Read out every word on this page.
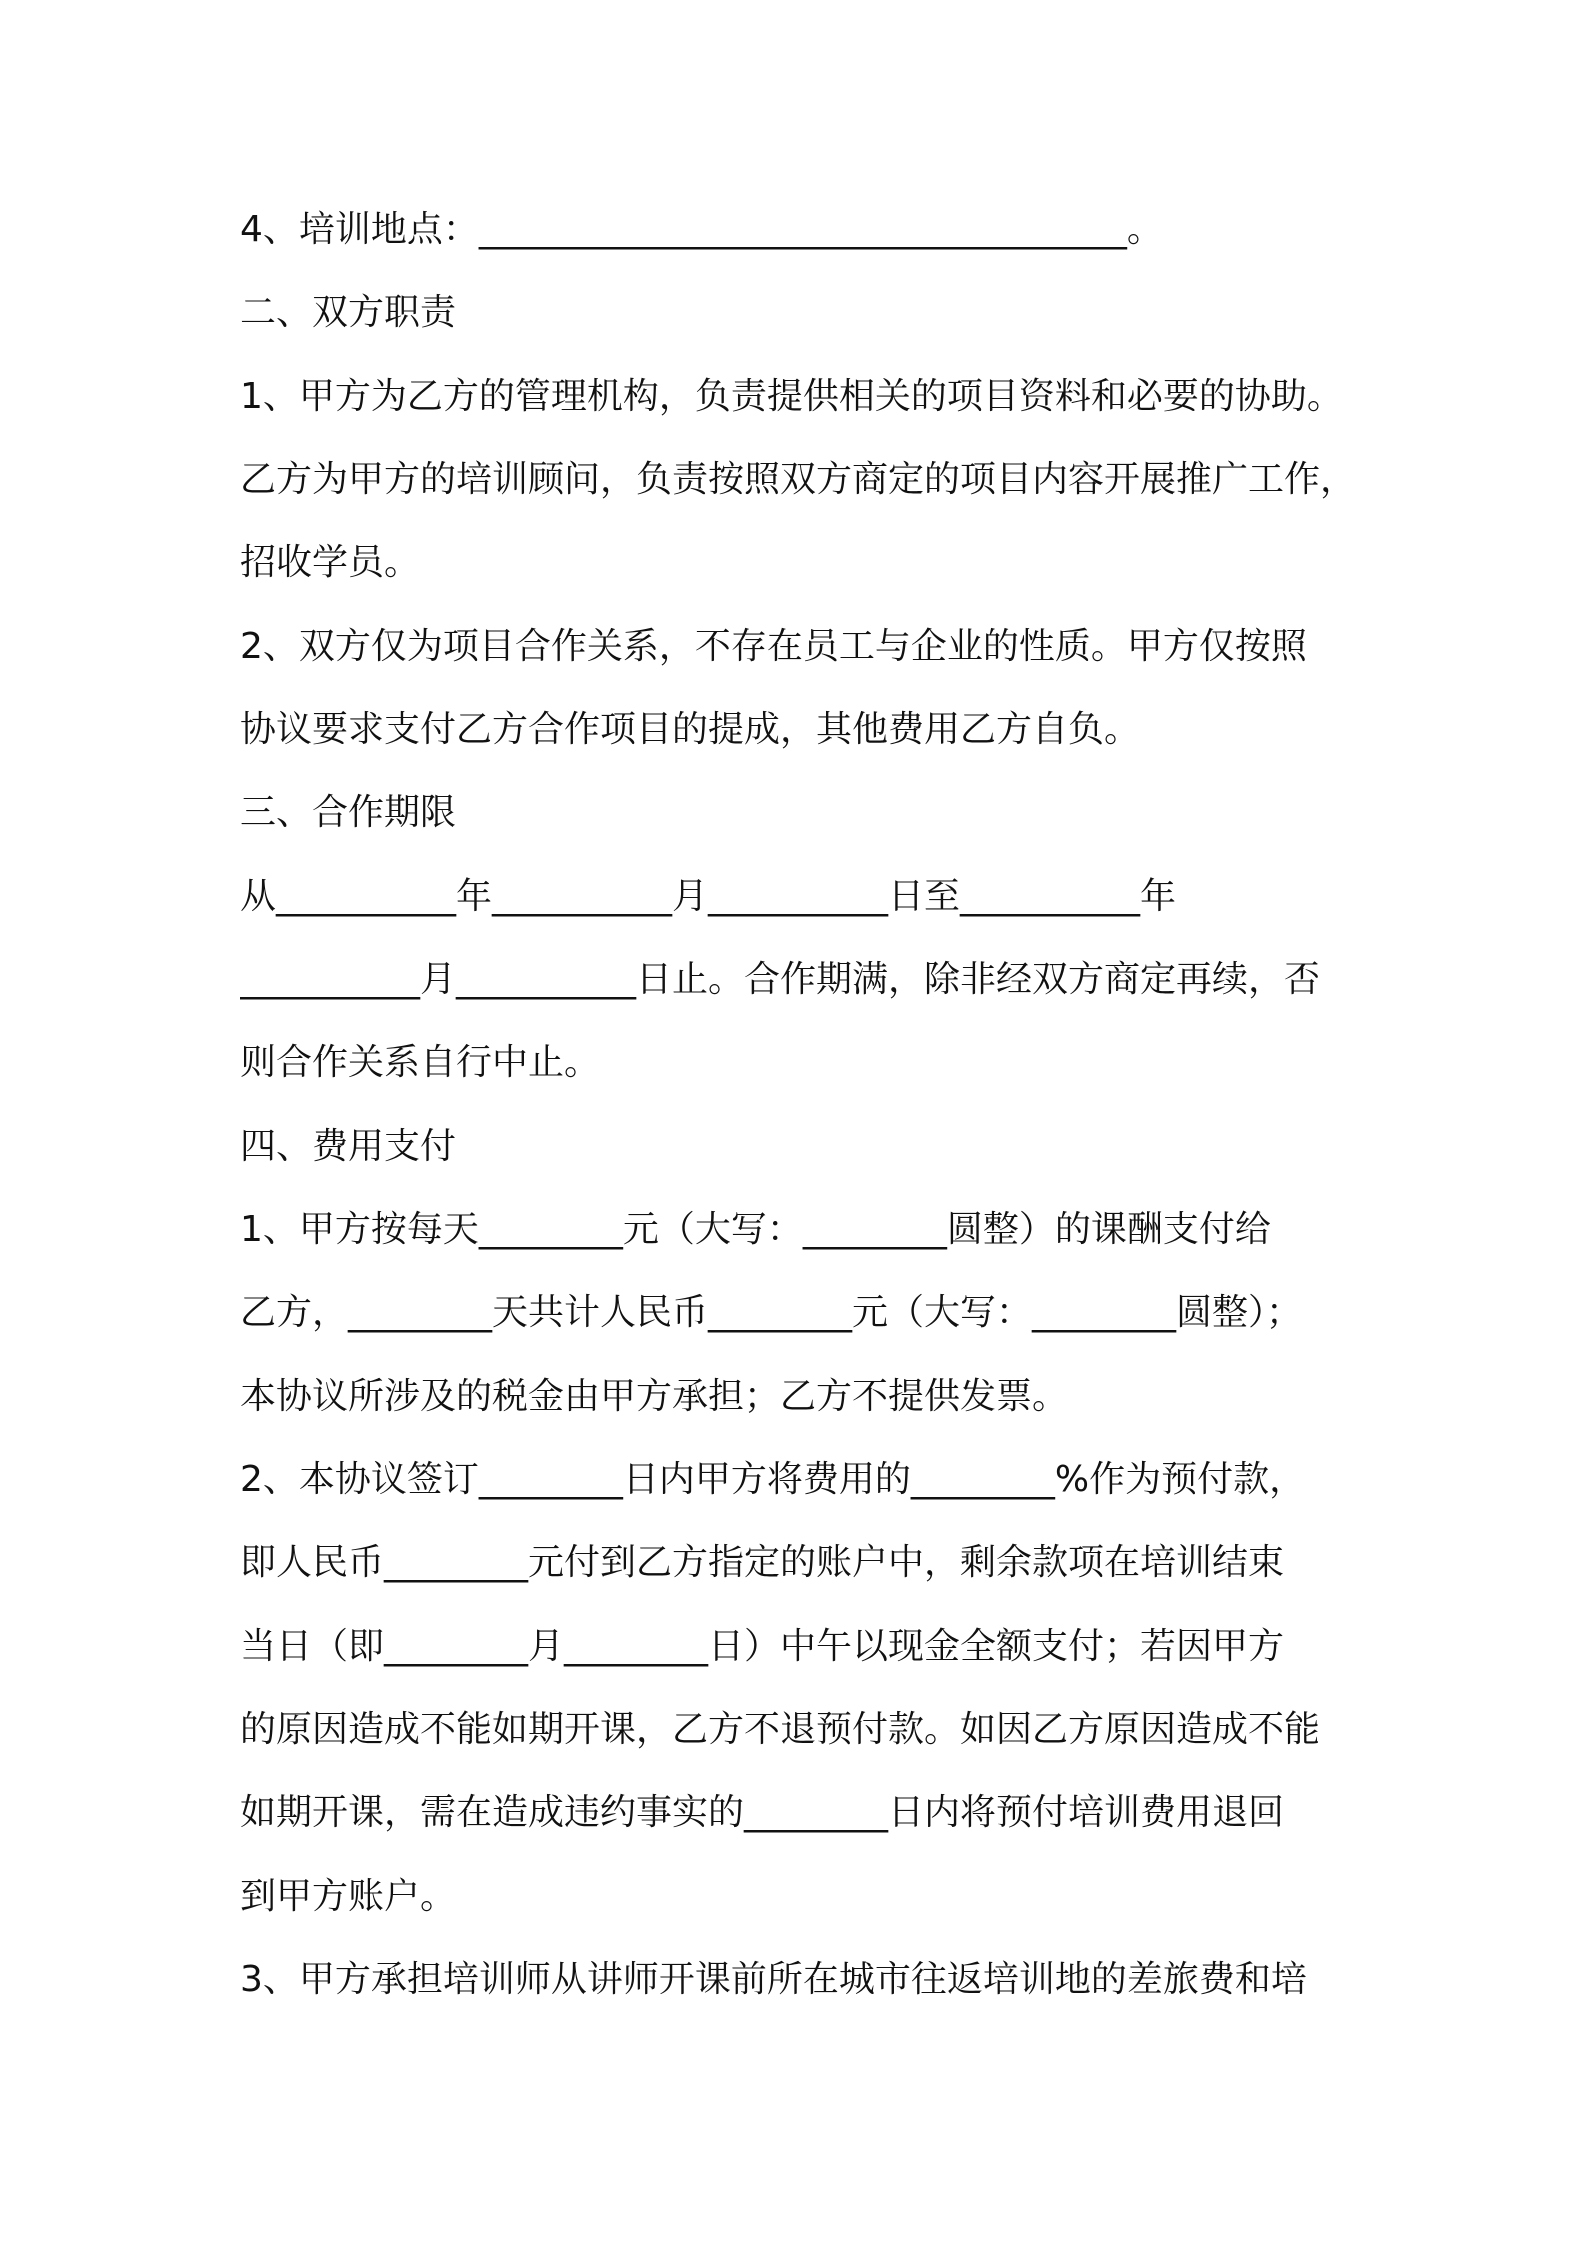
4、培训地点：____________________________________。
二、双方职责
1、甲方为乙方的管理机构，负责提供相关的项目资料和必要的协助。
乙方为甲方的培训顾问，负责按照双方商定的项目内容开展推广工作，
招收学员。
2、双方仅为项目合作关系，不存在员工与企业的性质。甲方仅按照
协议要求支付乙方合作项目的提成，其他费用乙方自负。
三、合作期限
从__________年__________月__________日至__________年
__________月__________日止。合作期满，除非经双方商定再续，否
则合作关系自行中止。
四、费用支付
1、甲方按每天________元（大写：________圆整）的课酬支付给
乙方，________天共计人民币________元（大写：________圆整）；
本协议所涉及的税金由甲方承担；乙方不提供发票。
2、本协议签订________日内甲方将费用的________%作为预付款，
即人民币________元付到乙方指定的账户中，剩余款项在培训结束
当日（即________月________日）中午以现金全额支付；若因甲方
的原因造成不能如期开课，乙方不退预付款。如因乙方原因造成不能
如期开课，需在造成违约事实的________日内将预付培训费用退回
到甲方账户。
3、甲方承担培训师从讲师开课前所在城市往返培训地的差旅费和培
